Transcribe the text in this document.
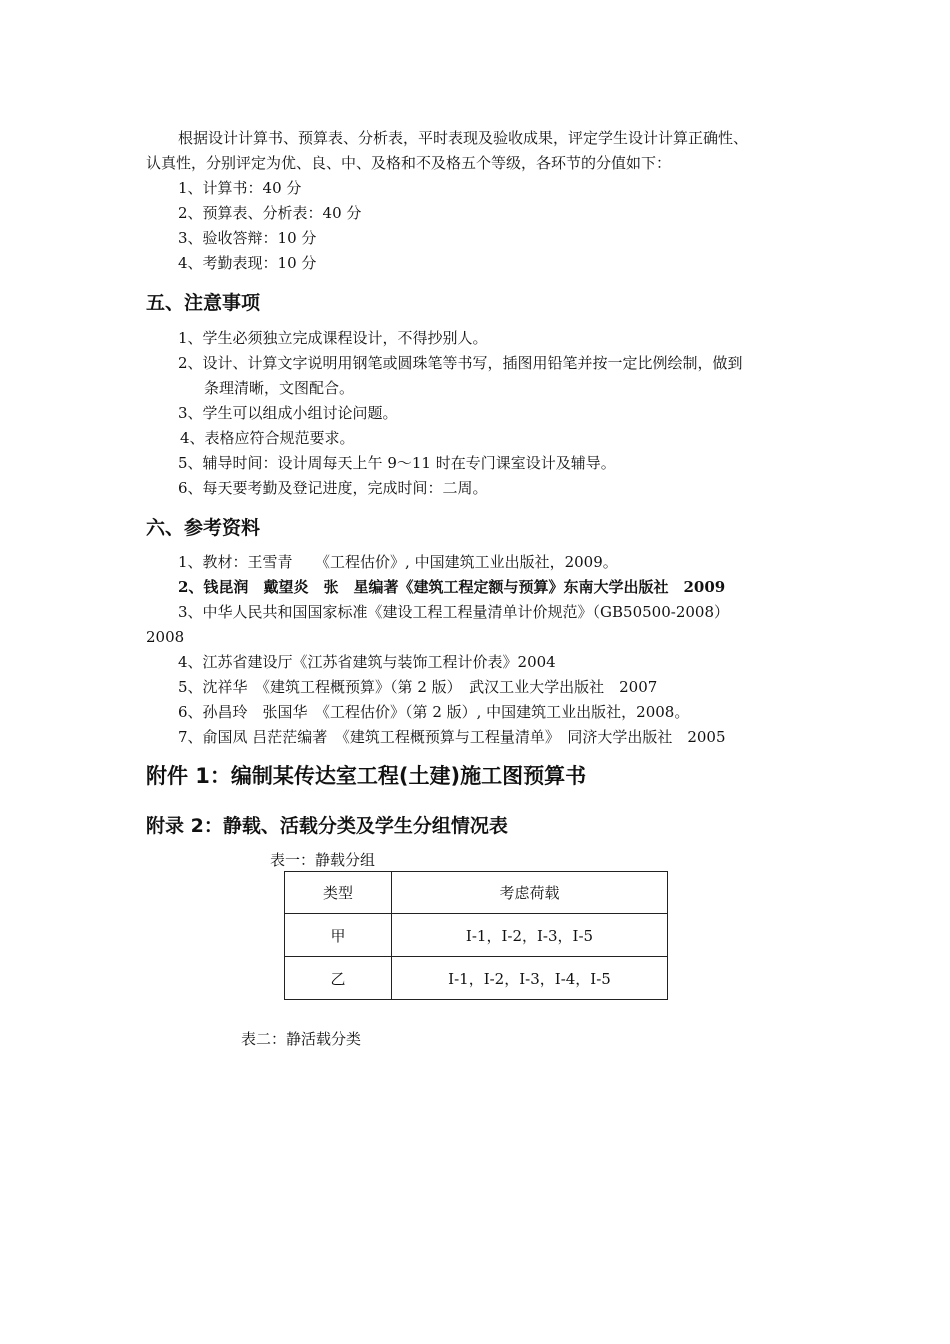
根据设计计算书、预算表、分析表，平时表现及验收成果，评定学生设计计算正确性、
认真性，分别评定为优、良、中、及格和不及格五个等级，各环节的分值如下：
1、计算书：40 分
2、预算表、分析表：40 分
3、验收答辩：10 分
4、考勤表现：10 分
五、注意事项
1、学生必须独立完成课程设计，不得抄别人。
2、设计、计算文字说明用钢笔或圆珠笔等书写，插图用铅笔并按一定比例绘制，做到
条理清晰，文图配合。
3、学生可以组成小组讨论问题。
4、表格应符合规范要求。
5、辅导时间：设计周每天上午 9～11 时在专门课室设计及辅导。
6、每天要考勤及登记进度，完成时间：二周。
六、参考资料
1、教材：王雪青　　《工程估价》, 中国建筑工业出版社，2009。
2、钱昆润　戴望炎　张　星编著《建筑工程定额与预算》东南大学出版社　2009
3、中华人民共和国国家标准《建设工程工程量清单计价规范》（GB50500-2008）
2008
4、江苏省建设厅《江苏省建筑与装饰工程计价表》2004
5、沈祥华　《建筑工程概预算》（第 2 版）　武汉工业大学出版社　2007
6、孙昌玲　张国华　《工程估价》（第 2 版）, 中国建筑工业出版社，2008。
7、俞国凤 吕茫茫编著　《建筑工程概预算与工程量清单》　同济大学出版社　2005
附件 1：编制某传达室工程(土建)施工图预算书
附录 2：静载、活载分类及学生分组情况表
表一：静载分组
类型	考虑荷载
甲	I-1，Ⅰ-2，Ⅰ-3，Ⅰ-5
乙	I-1，Ⅰ-2，Ⅰ-3，Ⅰ-4，Ⅰ-5
表二：静活载分类
